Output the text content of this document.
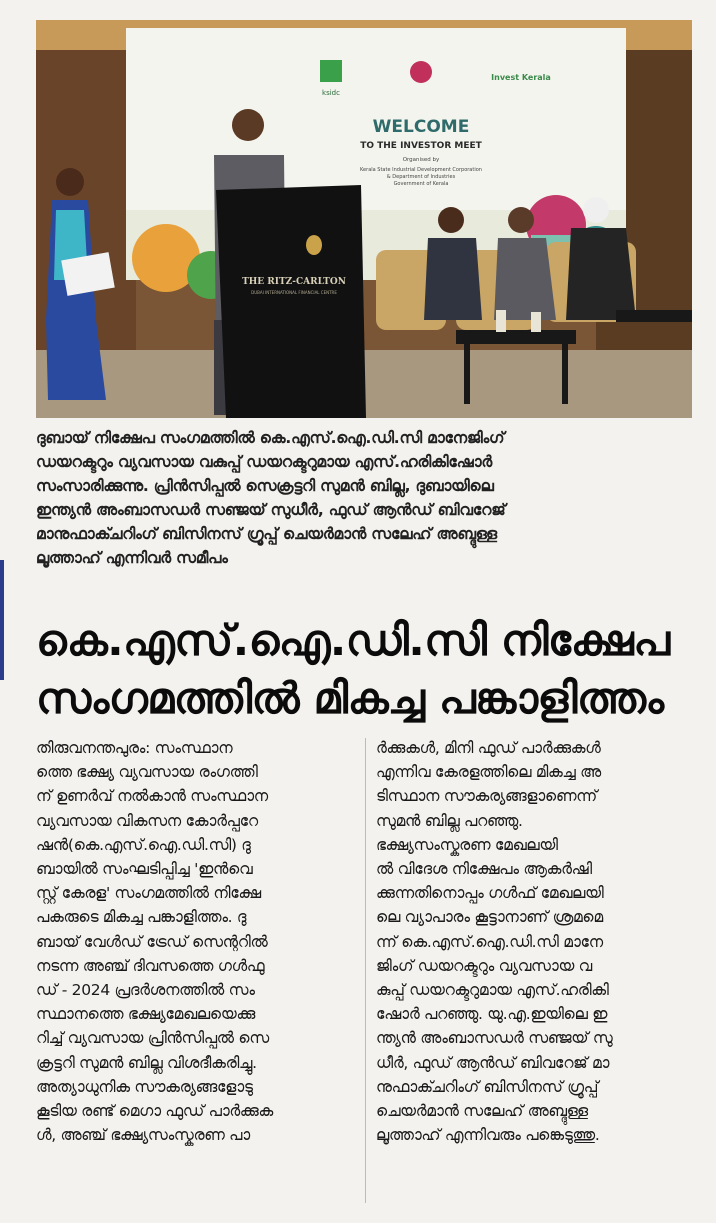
ksidc
Invest Kerala
WELCOME
TO THE INVESTOR MEET
Organised by
Kerala State Industrial Development Corporation & Department of Industries Government of Kerala
THE RITZ-CARLTON
DUBAI INTERNATIONAL FINANCIAL CENTRE
ദുബായ് നിക്ഷേപ സംഗമത്തിൽ കെ.എസ്.ഐ.ഡി.സി മാനേജിംഗ്
ഡയറക്ടറും വ്യവസായ വകുപ്പ് ഡയറക്ടറുമായ എസ്.ഹരികിഷോർ
സംസാരിക്കുന്നു. പ്രിൻസിപ്പൽ സെക്രട്ടറി സുമൻ ബില്ല, ദുബായിലെ
ഇന്ത്യൻ അംബാസഡർ സഞ്ജയ് സുധീർ, ഫുഡ് ആൻഡ് ബിവറേജ്
മാനുഫാക്ചറിംഗ് ബിസിനസ് ഗ്രൂപ്പ് ചെയർമാൻ സലേഹ് അബ്ദുള്ള
ലൂത്താഹ് എന്നിവർ സമീപം
കെ.എസ്.ഐ.ഡി.സി നിക്ഷേപ
സംഗമത്തിൽ മികച്ച പങ്കാളിത്തം
തിരുവനന്തപുരം: സംസ്ഥാന
ത്തെ ഭക്ഷ്യ വ്യവസായ രംഗത്തി
ന് ഉണർവ് നൽകാൻ സംസ്ഥാന
വ്യവസായ വികസന കോർപ്പറേ
ഷൻ(കെ.എസ്.ഐ.ഡി.സി) ദു
ബായിൽ സംഘടിപ്പിച്ച 'ഇൻവെ
സ്റ്റ് കേരള' സംഗമത്തിൽ നിക്ഷേ
പകരുടെ മികച്ച പങ്കാളിത്തം. ദു
ബായ് വേൾഡ് ട്രേഡ് സെന്ററിൽ
നടന്ന അഞ്ച് ദിവസത്തെ ഗൾഫു
ഡ് - 2024 പ്രദർശനത്തിൽ സം
സ്ഥാനത്തെ ഭക്ഷ്യമേഖലയെക്കു
റിച്ച് വ്യവസായ പ്രിൻസിപ്പൽ സെ
ക്രട്ടറി സുമൻ ബില്ല വിശദീകരിച്ചു.
അത്യാധുനിക സൗകര്യങ്ങളോടു
കൂടിയ രണ്ട് മെഗാ ഫുഡ് പാർക്കുക
ൾ, അഞ്ച് ഭക്ഷ്യസംസ്കരണ പാ
ർക്കുകൾ, മിനി ഫുഡ് പാർക്കുകൾ
എന്നിവ കേരളത്തിലെ മികച്ച അ
ടിസ്ഥാന സൗകര്യങ്ങളാണെന്ന്
സുമൻ ബില്ല പറഞ്ഞു.
ഭക്ഷ്യസംസ്കരണ മേഖലയി
ൽ വിദേശ നിക്ഷേപം ആകർഷി
ക്കുന്നതിനൊപ്പം ഗൾഫ് മേഖലയി
ലെ വ്യാപാരം കൂട്ടാനാണ് ശ്രമമെ
ന്ന് കെ.എസ്.ഐ.ഡി.സി മാനേ
ജിംഗ് ഡയറക്ടറും വ്യവസായ വ
കുപ്പ് ഡയറക്ടറുമായ എസ്.ഹരികി
ഷോർ പറഞ്ഞു. യു.എ.ഇയിലെ ഇ
ന്ത്യൻ അംബാസഡർ സഞ്ജയ് സു
ധീർ, ഫുഡ് ആൻഡ് ബിവറേജ് മാ
നുഫാക്ചറിംഗ് ബിസിനസ് ഗ്രൂപ്പ്
ചെയർമാൻ സലേഹ് അബ്ദുള്ള
ലൂത്താഹ് എന്നിവരും പങ്കെടുത്തു.
